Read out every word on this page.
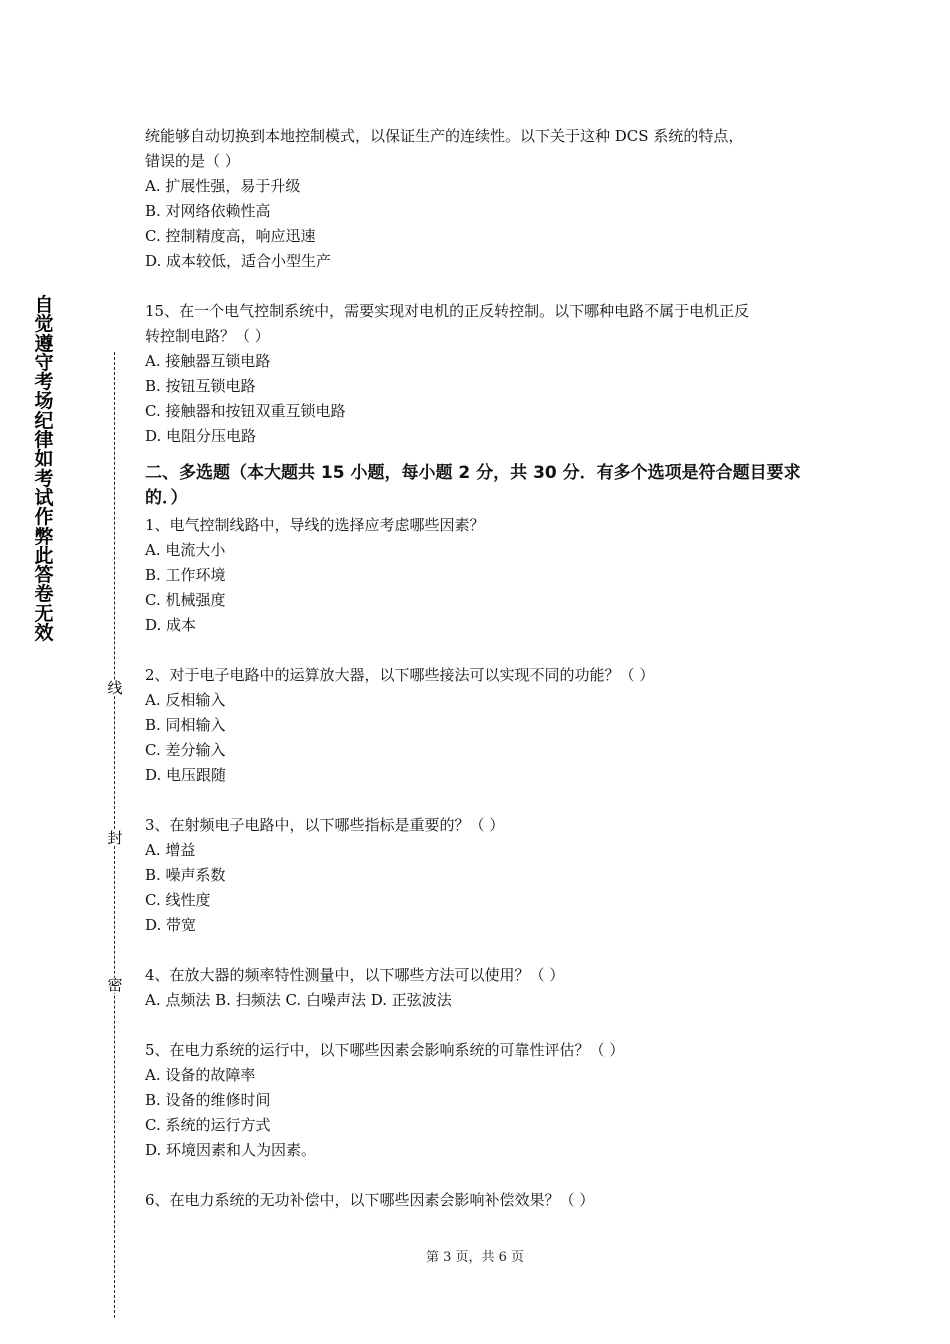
自觉遵守考场纪律如考试作弊此答卷无效
线
封
密
统能够自动切换到本地控制模式，以保证生产的连续性。以下关于这种 DCS 系统的特点，
错误的是（ ）
A. 扩展性强，易于升级
B. 对网络依赖性高
C. 控制精度高，响应迅速
D. 成本较低，适合小型生产
15、在一个电气控制系统中，需要实现对电机的正反转控制。以下哪种电路不属于电机正反
转控制电路？（ ）
A. 接触器互锁电路
B. 按钮互锁电路
C. 接触器和按钮双重互锁电路
D. 电阻分压电路
二、多选题（本大题共 15 小题，每小题 2 分，共 30 分．有多个选项是符合题目要求的．）
1、电气控制线路中，导线的选择应考虑哪些因素？
A. 电流大小
B. 工作环境
C. 机械强度
D. 成本
2、对于电子电路中的运算放大器，以下哪些接法可以实现不同的功能？（ ）
A. 反相输入
B. 同相输入
C. 差分输入
D. 电压跟随
3、在射频电子电路中，以下哪些指标是重要的？（ ）
A. 增益
B. 噪声系数
C. 线性度
D. 带宽
4、在放大器的频率特性测量中，以下哪些方法可以使用？（ ）
A. 点频法 B. 扫频法 C. 白噪声法 D. 正弦波法
5、在电力系统的运行中，以下哪些因素会影响系统的可靠性评估？（ ）
A. 设备的故障率
B. 设备的维修时间
C. 系统的运行方式
D. 环境因素和人为因素。
6、在电力系统的无功补偿中，以下哪些因素会影响补偿效果？（ ）
第 3 页，共 6 页
